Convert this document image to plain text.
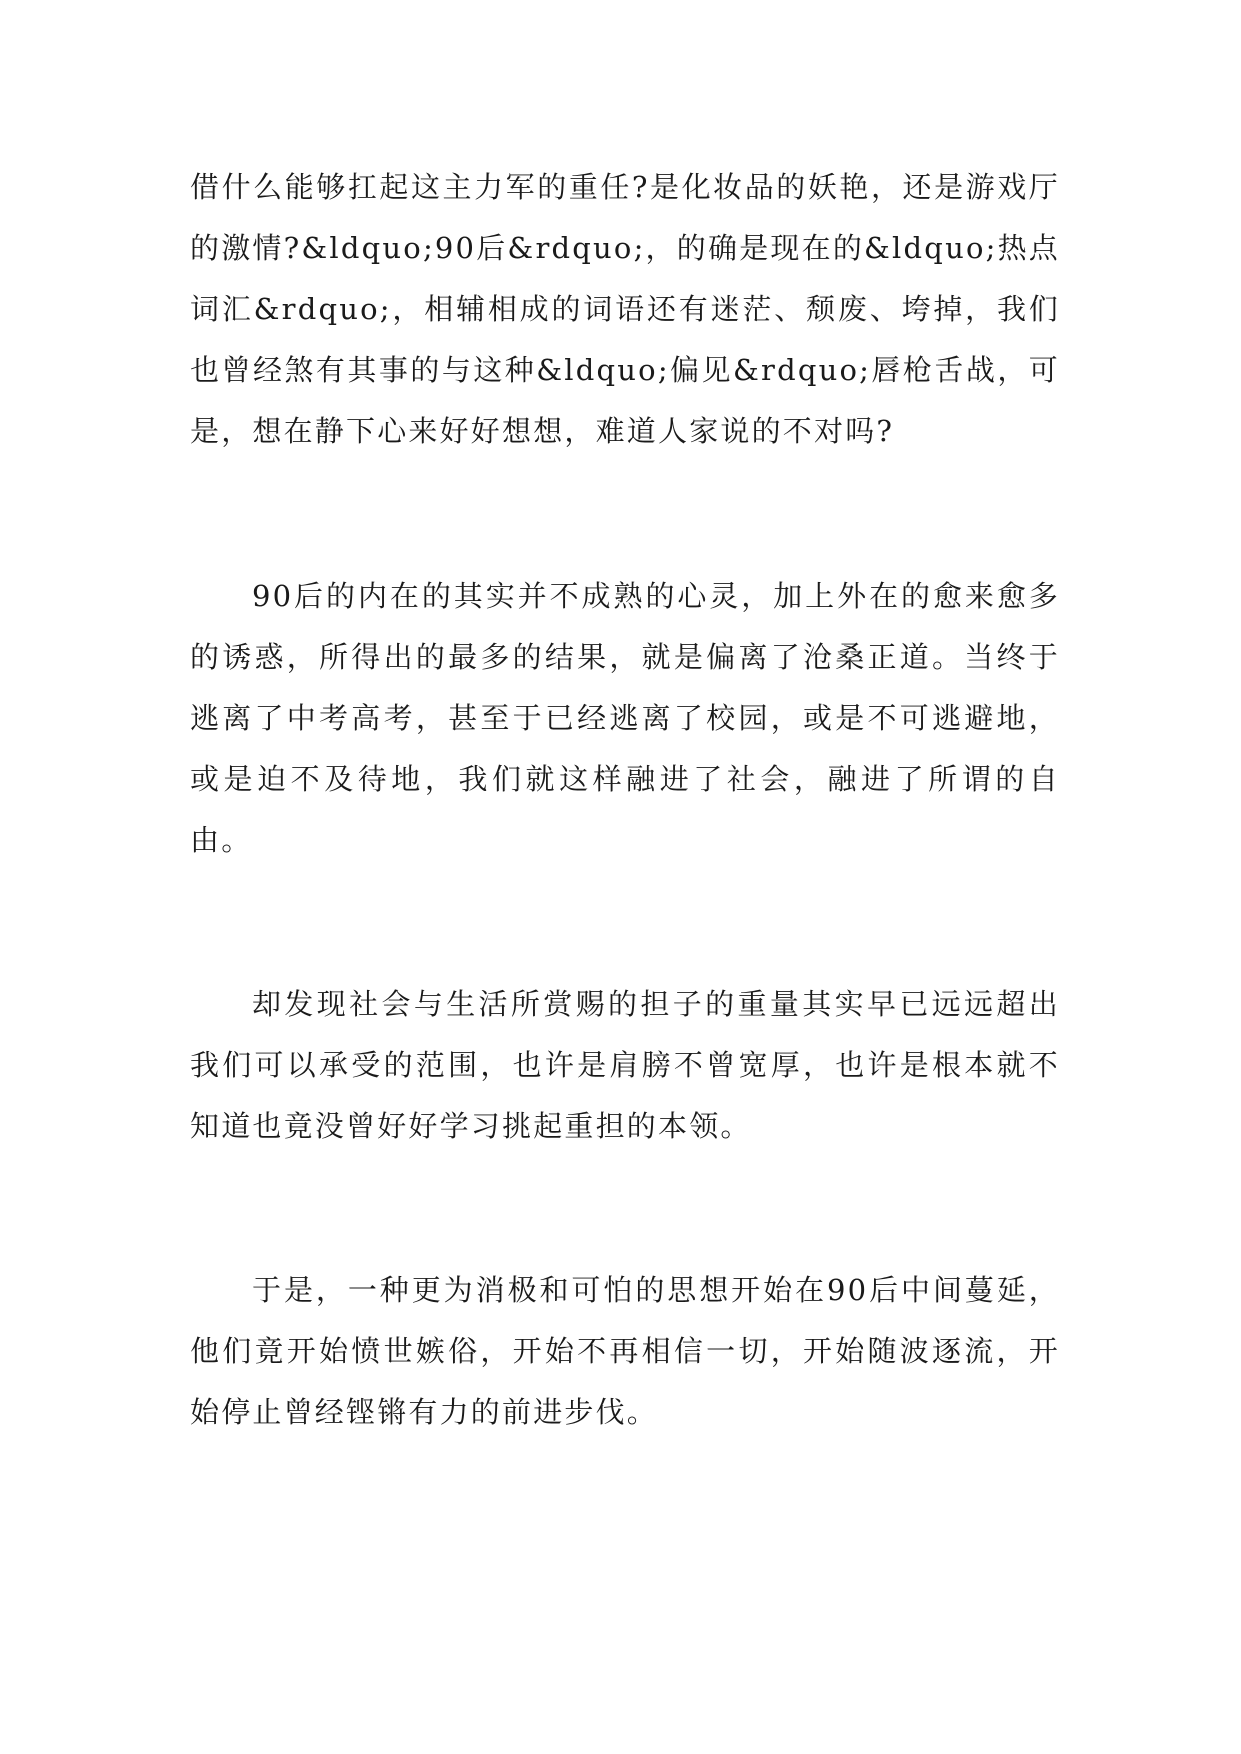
借什么能够扛起这主力军的重任?是化妆品的妖艳，还是游戏厅的激情?&ldquo;90后&rdquo;，的确是现在的&ldquo;热点词汇&rdquo;，相辅相成的词语还有迷茫、颓废、垮掉，我们也曾经煞有其事的与这种&ldquo;偏见&rdquo;唇枪舌战，可是，想在静下心来好好想想，难道人家说的不对吗?

90后的内在的其实并不成熟的心灵，加上外在的愈来愈多的诱惑，所得出的最多的结果，就是偏离了沧桑正道。当终于逃离了中考高考，甚至于已经逃离了校园，或是不可逃避地，或是迫不及待地，我们就这样融进了社会，融进了所谓的自由。

却发现社会与生活所赏赐的担子的重量其实早已远远超出我们可以承受的范围，也许是肩膀不曾宽厚，也许是根本就不知道也竟没曾好好学习挑起重担的本领。

于是，一种更为消极和可怕的思想开始在90后中间蔓延，他们竟开始愤世嫉俗，开始不再相信一切，开始随波逐流，开始停止曾经铿锵有力的前进步伐。
